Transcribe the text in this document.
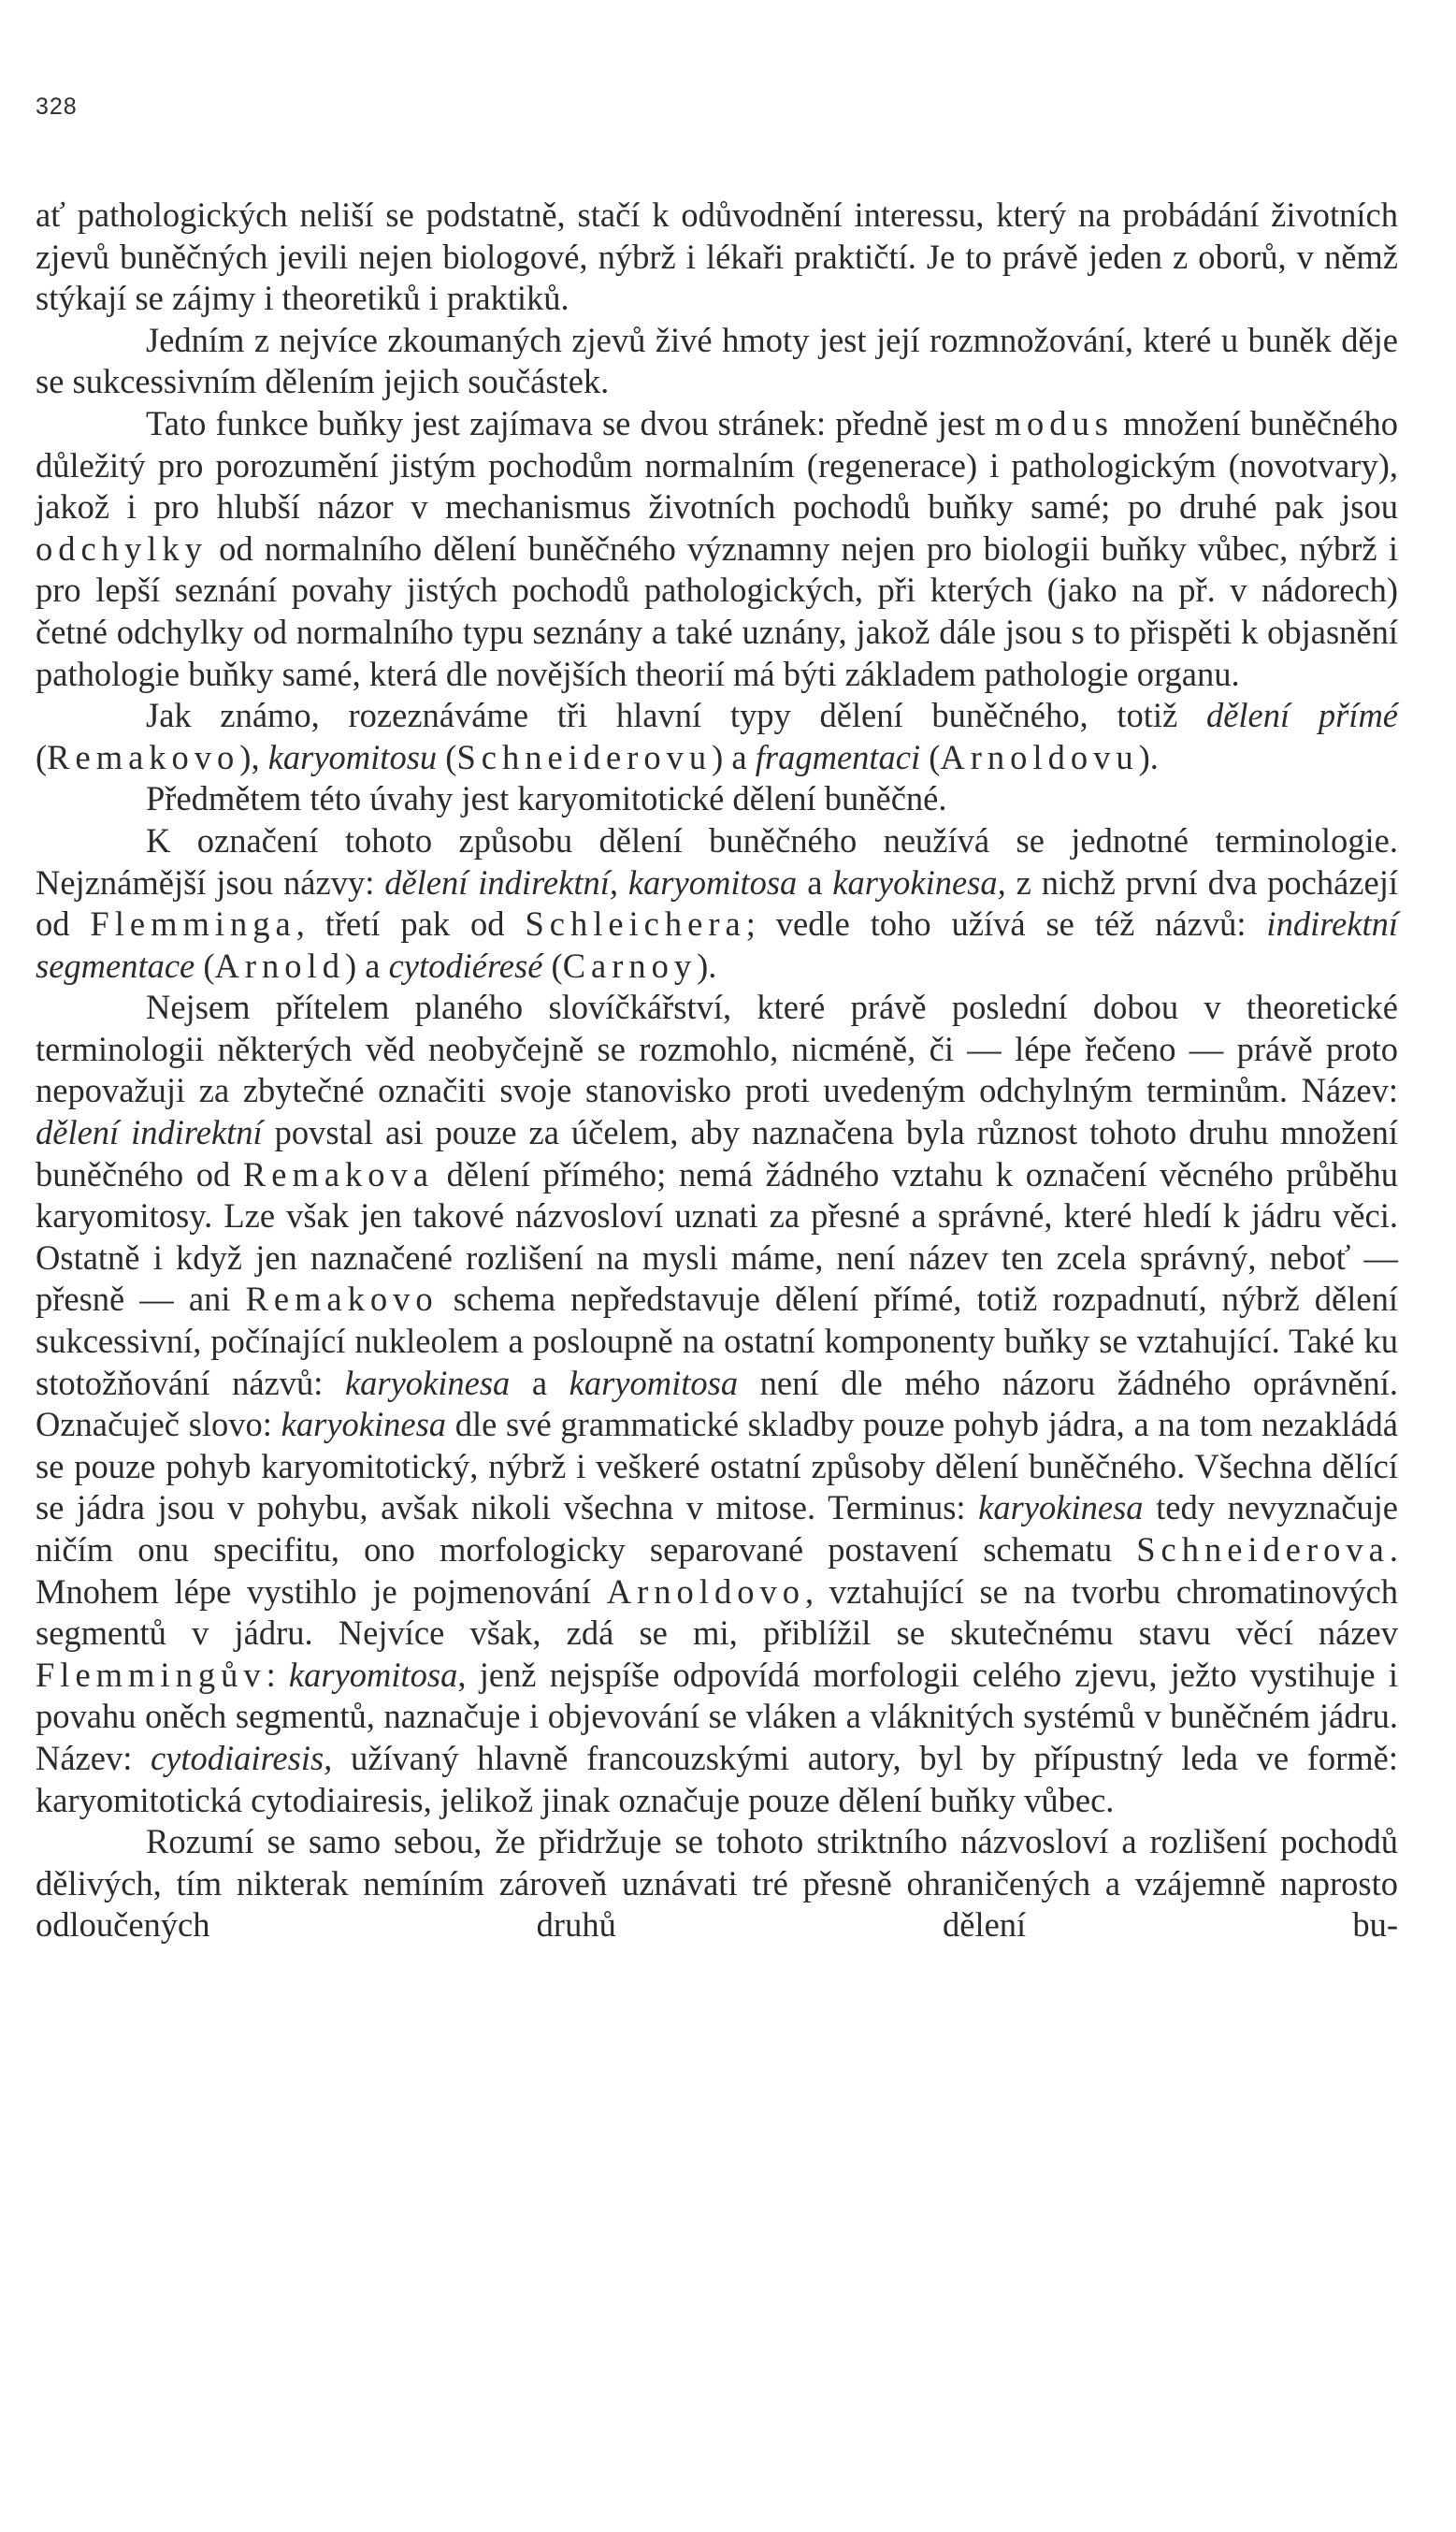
328

ať pathologických neliší se podstatně, stačí k odůvodnění interessu, který na probádání životních zjevů buněčných jevili nejen biologové, nýbrž i lékaři praktičtí. Je to právě jeden z oborů, v němž stýkají se zájmy i theoretiků i praktiků.

Jedním z nejvíce zkoumaných zjevů živé hmoty jest její rozmnožování, které u buněk děje se sukcessivním dělením jejich součástek.

Tato funkce buňky jest zajímava se dvou stránek: předně jest modus množení buněčného důležitý pro porozumění jistým pochodům normalním (regenerace) i pathologickým (novotvary), jakož i pro hlubší názor v mechanismus životních pochodů buňky samé; po druhé pak jsou odchylky od normalního dělení buněčného významny nejen pro biologii buňky vůbec, nýbrž i pro lepší seznání povahy jistých pochodů pathologických, při kterých (jako na př. v nádorech) četné odchylky od normalního typu seznány a také uznány, jakož dále jsou s to přispěti k objasnění pathologie buňky samé, která dle novějších theorií má býti základem pathologie organu.

Jak známo, rozeznáváme tři hlavní typy dělení buněčného, totiž dělení přímé (Remakovo), karyomitosu (Schneiderovu) a fragmentaci (Arnoldovu).

Předmětem této úvahy jest karyomitotické dělení buněčné.

K označení tohoto způsobu dělení buněčného neužívá se jednotné terminologie. Nejznámější jsou názvy: dělení indirektní, karyomitosa a karyokinesa, z nichž první dva pocházejí od Flemminga, třetí pak od Schleichera; vedle toho užívá se též názvů: indirektní segmentace (Arnold) a cytodiéresé (Carnoy).

Nejsem přítelem planého slovíčkářství, které právě poslední dobou v theoretické terminologii některých věd neobyčejně se rozmohlo, nicméně, či — lépe řečeno — právě proto nepovažuji za zbytečné označiti svoje stanovisko proti uvedeným odchylným terminům. Název: dělení indirektní povstal asi pouze za účelem, aby naznačena byla různost tohoto druhu množení buněčného od Remakova dělení přímého; nemá žádného vztahu k označení věcného průběhu karyomitosy. Lze však jen takové názvosloví uznati za přesné a správné, které hledí k jádru věci. Ostatně i když jen naznačené rozlišení na mysli máme, není název ten zcela správný, neboť — přesně — ani Remakovo schema nepředstavuje dělení přímé, totiž rozpadnutí, nýbrž dělení sukcessivní, počínající nukleolem a posloupně na ostatní komponenty buňky se vztahující. Také ku stotožňování názvů: karyokinesa a karyomitosa není dle mého názoru žádného oprávnění. Označuječ slovo: karyokinesa dle své grammatické skladby pouze pohyb jádra, a na tom nezakládá se pouze pohyb karyomitotický, nýbrž i veškeré ostatní způsoby dělení buněčného. Všechna dělící se jádra jsou v pohybu, avšak nikoli všechna v mitose. Terminus: karyokinesa tedy nevyznačuje ničím onu specifitu, ono morfologicky separované postavení schematu Schneiderova. Mnohem lépe vystihlo je pojmenování Arnoldovo, vztahující se na tvorbu chromatinových segmentů v jádru. Nejvíce však, zdá se mi, přiblížil se skutečnému stavu věcí název Flemmingův: karyomitosa, jenž nejspíše odpovídá morfologii celého zjevu, ježto vystihuje i povahu oněch segmentů, naznačuje i objevování se vláken a vláknitých systémů v buněčném jádru. Název: cytodiairesis, užívaný hlavně francouzskými autory, byl by přípustný leda ve formě: karyomitotická cytodiairesis, jelikož jinak označuje pouze dělení buňky vůbec.

Rozumí se samo sebou, že přidržuje se tohoto striktního názvosloví a rozlišení pochodů dělivých, tím nikterak nemíním zároveň uznávati tré přesně ohraničených a vzájemně naprosto odloučených druhů dělení bu-
